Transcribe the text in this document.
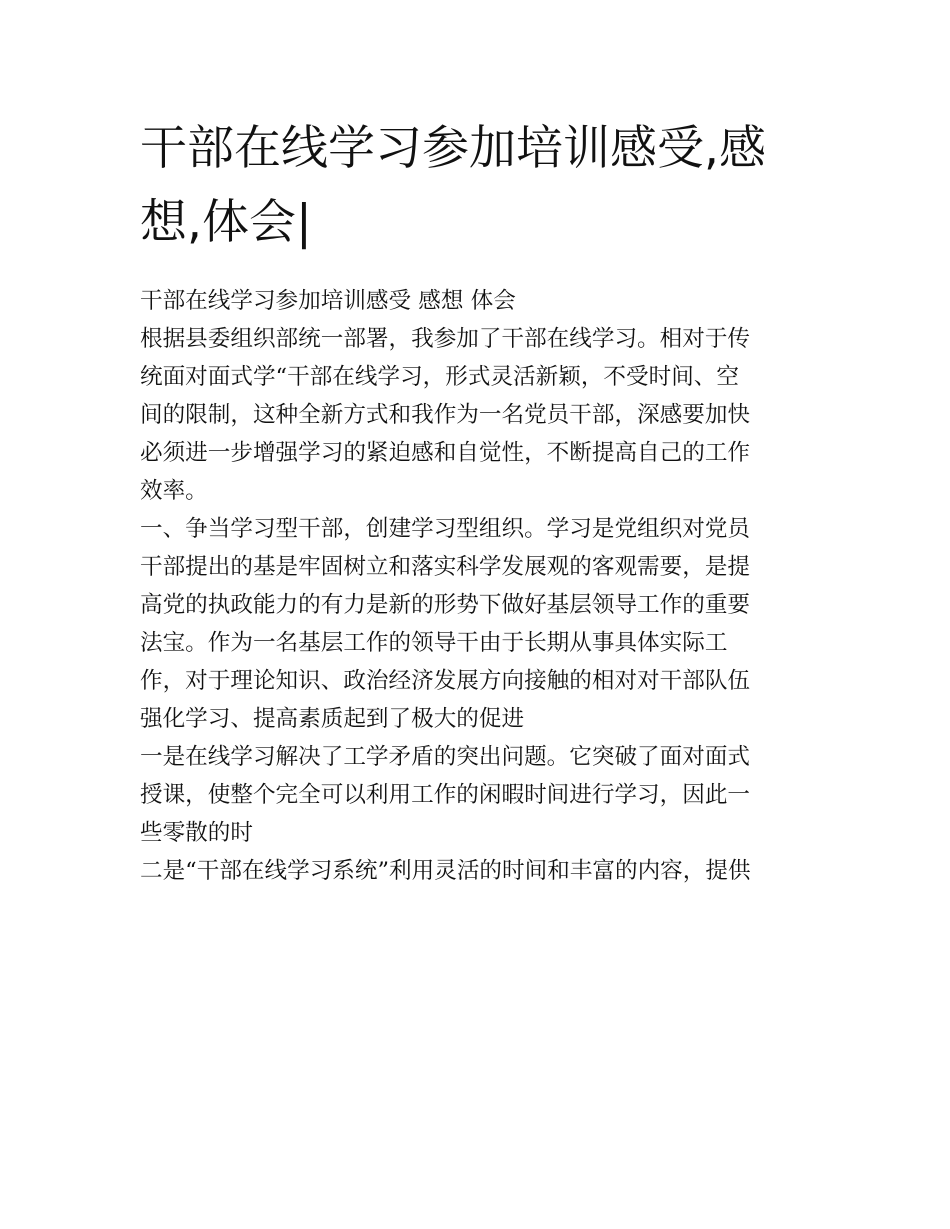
干部在线学习参加培训感受,感想,体会|
干部在线学习参加培训感受 感想 体会
根据县委组织部统一部署，我参加了干部在线学习。相对于传
统面对面式学“干部在线学习，形式灵活新颖，不受时间、空
间的限制，这种全新方式和我作为一名党员干部，深感要加快
必须进一步增强学习的紧迫感和自觉性，不断提高自己的工作
效率。
一、争当学习型干部，创建学习型组织。学习是党组织对党员
干部提出的基是牢固树立和落实科学发展观的客观需要，是提
高党的执政能力的有力是新的形势下做好基层领导工作的重要
法宝。作为一名基层工作的领导干由于长期从事具体实际工
作，对于理论知识、政治经济发展方向接触的相对对干部队伍
强化学习、提高素质起到了极大的促进
一是在线学习解决了工学矛盾的突出问题。它突破了面对面式
授课，使整个完全可以利用工作的闲暇时间进行学习，因此一
些零散的时
二是“干部在线学习系统”利用灵活的时间和丰富的内容，提供
